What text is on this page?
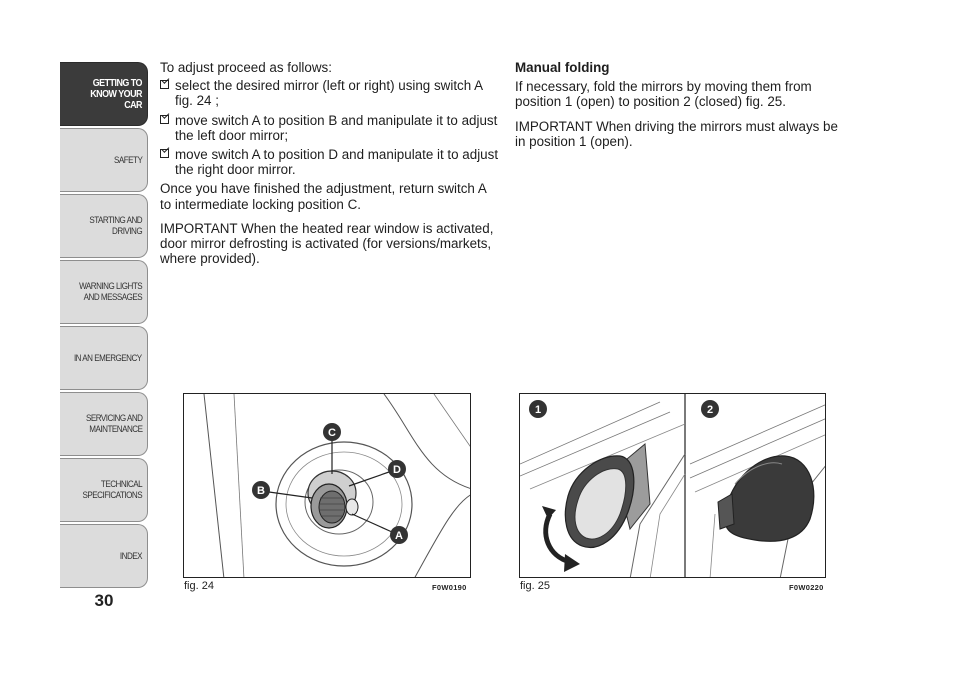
GETTING TO
KNOW YOUR CAR
SAFETY
STARTING AND
DRIVING
WARNING LIGHTS
AND MESSAGES
IN AN EMERGENCY
SERVICING AND
MAINTENANCE
TECHNICAL
SPECIFICATIONS
INDEX
30

To adjust proceed as follows:

select the desired mirror (left or right) using switch A fig. 24 ;
move switch A to position B and manipulate it to adjust the left door mirror;
move switch A to position D and manipulate it to adjust the right door mirror.

Once you have finished the adjustment, return switch A to intermediate locking position C.

IMPORTANT When the heated rear window is activated, door mirror defrosting is activated (for versions/markets, where provided).

Manual folding

If necessary, fold the mirrors by moving them from position 1 (open) to position 2 (closed) fig. 25.

IMPORTANT When driving the mirrors must always be in position 1 (open).

C
D
B
A
fig. 24	F0W0190
1	2
fig. 25	F0W0220
